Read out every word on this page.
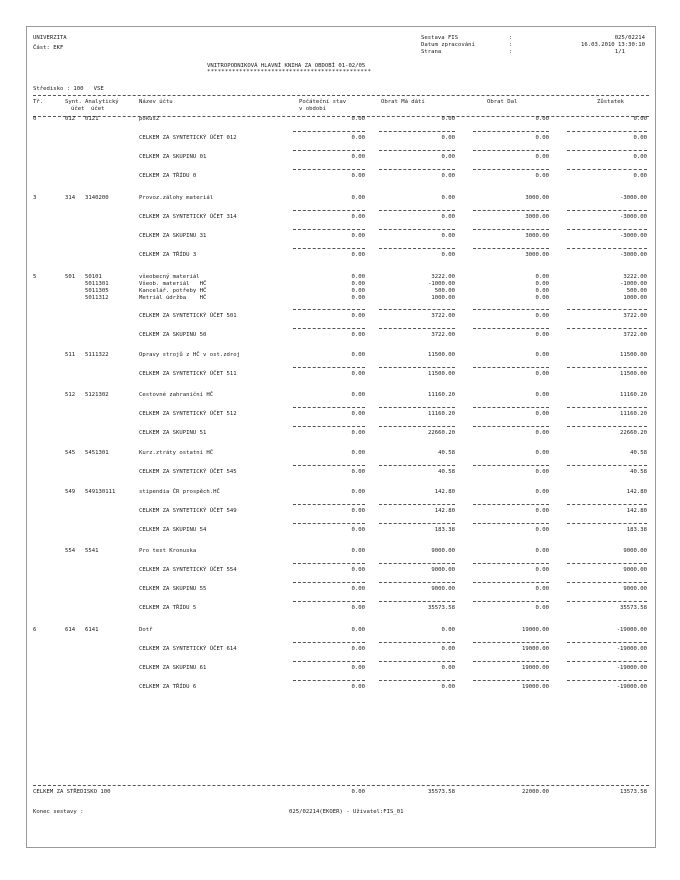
UNIVERZITA
Část: EKF
Sestava FIS	:	025/02214
Datum zpracování	:	16.03.2010 13:30:10
Strana	:	1/1
VNITROPODNIKOVÁ HLAVNÍ KNIHA ZA OBDOBÍ 01-02/05
**********************************************
Středisko : 100   VSE
Tř.	Synt.
účet
Analytický
účet
Název účtu	Počáteční stav
v období
Obrat Má dáti	Obrat Dal	Zůstatek
0	012 0121	pokus2	0.00	0.00	0.00	0.00
CELKEM ZA SYNTETICKÝ ÚČET 012	0.00	0.00	0.00	0.00
CELKEM ZA SKUPINU 01	0.00	0.00	0.00	0.00
CELKEM ZA TŘÍDU 0	0.00	0.00	0.00	0.00
3	314 3140200	Provoz.zálohy materiál	0.00	0.00	3000.00	-3000.00
CELKEM ZA SYNTETICKÝ ÚČET 314	0.00	0.00	3000.00	-3000.00
CELKEM ZA SKUPINU 31	0.00	0.00	3000.00	-3000.00
CELKEM ZA TŘÍDU 3	0.00	0.00	3000.00	-3000.00
5	501 50101	všeobecný materiál	0.00	3222.00	0.00	3222.00
5011301	Všeob. materiál   HČ	0.00	-1000.00	0.00	-1000.00
5011305	Kancelář. potřeby HČ	0.00	500.00	0.00	500.00
5011312	Metriál údržba    HČ	0.00	1000.00	0.00	1000.00
CELKEM ZA SYNTETICKÝ ÚČET 501	0.00	3722.00	0.00	3722.00
CELKEM ZA SKUPINU 50	0.00	3722.00	0.00	3722.00
511 5111322	Opravy strojů z HČ v ost.zdroj	0.00	11500.00	0.00	11500.00
CELKEM ZA SYNTETICKÝ ÚČET 511	0.00	11500.00	0.00	11500.00
512 5121302	Cestovné zahraniční HČ	0.00	11160.20	0.00	11160.20
CELKEM ZA SYNTETICKÝ ÚČET 512	0.00	11160.20	0.00	11160.20
CELKEM ZA SKUPINU 51	0.00	22660.20	0.00	22660.20
545 5451301	Kurz.ztráty ostatní HČ	0.00	40.58	0.00	40.58
CELKEM ZA SYNTETICKÝ ÚČET 545	0.00	40.58	0.00	40.58
549 549130111	stipendia ČR prospěch.HČ	0.00	142.80	0.00	142.80
CELKEM ZA SYNTETICKÝ ÚČET 549	0.00	142.80	0.00	142.80
CELKEM ZA SKUPINU 54	0.00	183.38	0.00	183.38
554 5541	Pro test Kronuska	0.00	9000.00	0.00	9000.00
CELKEM ZA SYNTETICKÝ ÚČET 554	0.00	9000.00	0.00	9000.00
CELKEM ZA SKUPINU 55	0.00	9000.00	0.00	9000.00
CELKEM ZA TŘÍDU 5	0.00	35573.58	0.00	35573.58
6	614 6141	Dotř	0.00	0.00	19000.00	-19000.00
CELKEM ZA SYNTETICKÝ ÚČET 614	0.00	0.00	19000.00	-19000.00
CELKEM ZA SKUPINU 61	0.00	0.00	19000.00	-19000.00
CELKEM ZA TŘÍDU 6	0.00	0.00	19000.00	-19000.00
CELKEM ZA STŘEDISKO 100	0.00	35573.58	22000.00	13573.58
Konec sestavy :	025/02214(EKOER) - Uživatel:FIS_01
